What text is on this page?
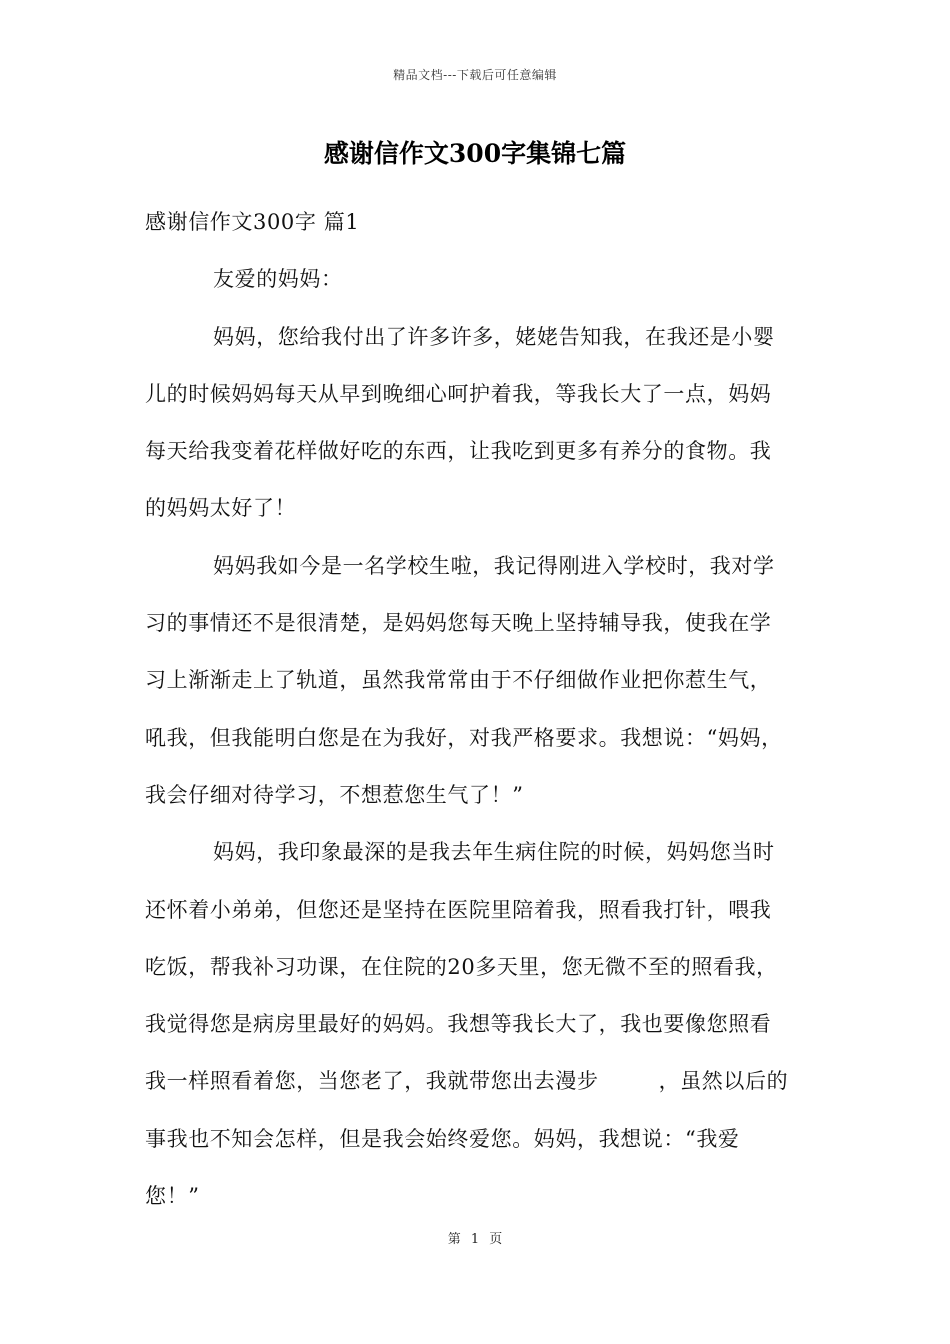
精品文档---下载后可任意编辑
感谢信作文300字集锦七篇
感谢信作文300字 篇1
友爱的妈妈：
妈妈，您给我付出了许多许多，姥姥告知我，在我还是小婴
儿的时候妈妈每天从早到晚细心呵护着我，等我长大了一点，妈妈
每天给我变着花样做好吃的东西，让我吃到更多有养分的食物。我
的妈妈太好了！
妈妈我如今是一名学校生啦，我记得刚进入学校时，我对学
习的事情还不是很清楚，是妈妈您每天晚上坚持辅导我，使我在学
习上渐渐走上了轨道，虽然我常常由于不仔细做作业把你惹生气，
吼我，但我能明白您是在为我好，对我严格要求。我想说：“妈妈，
我会仔细对待学习，不想惹您生气了！”
妈妈，我印象最深的是我去年生病住院的时候，妈妈您当时
还怀着小弟弟，但您还是坚持在医院里陪着我，照看我打针，喂我
吃饭，帮我补习功课，在住院的20多天里，您无微不至的照看我，
我觉得您是病房里最好的妈妈。我想等我长大了，我也要像您照看
我一样照看着您，当您老了，我就带您出去漫步	，虽然以后的
事我也不知会怎样，但是我会始终爱您。妈妈，我想说：“我爱
您！”
第 1 页
